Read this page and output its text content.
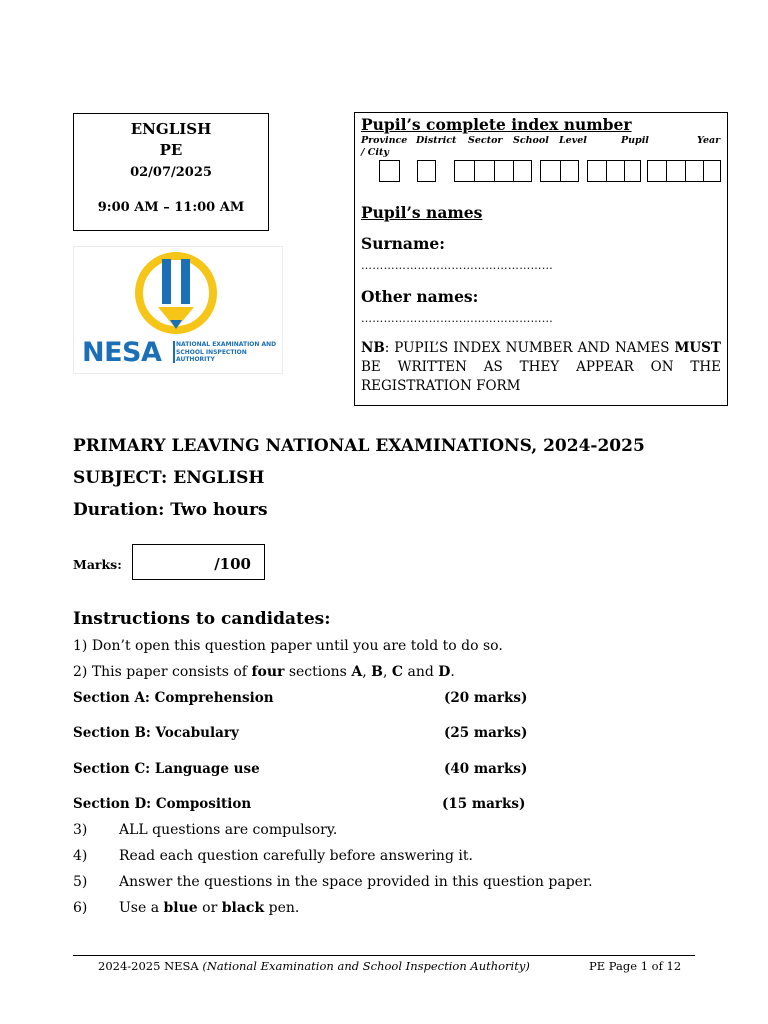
ENGLISH
PE
02/07/2025
9:00 AM – 11:00 AM
NESA NATIONAL EXAMINATION AND SCHOOL INSPECTION AUTHORITY
Pupil’s complete index number
Province District Sector School Level	Pupil	Year
/ City
Pupil’s names
Surname:
……………………………………………
Other names:
……………………………………………
NB: PUPIL’S INDEX NUMBER AND NAMES MUST BE WRITTEN AS THEY APPEAR ON THE REGISTRATION FORM
PRIMARY LEAVING NATIONAL EXAMINATIONS, 2024-2025
SUBJECT: ENGLISH
Duration: Two hours
Marks:	/100
Instructions to candidates:
1) Don’t open this question paper until you are told to do so.
2) This paper consists of four sections A, B, C and D.
Section A: Comprehension	(20 marks)
Section B: Vocabulary	(25 marks)
Section C: Language use	(40 marks)
Section D: Composition	(15 marks)
3) ALL questions are compulsory.
4) Read each question carefully before answering it.
5) Answer the questions in the space provided in this question paper.
6) Use a blue or black pen.
2024-2025 NESA (National Examination and School Inspection Authority)	PE Page 1 of 12
